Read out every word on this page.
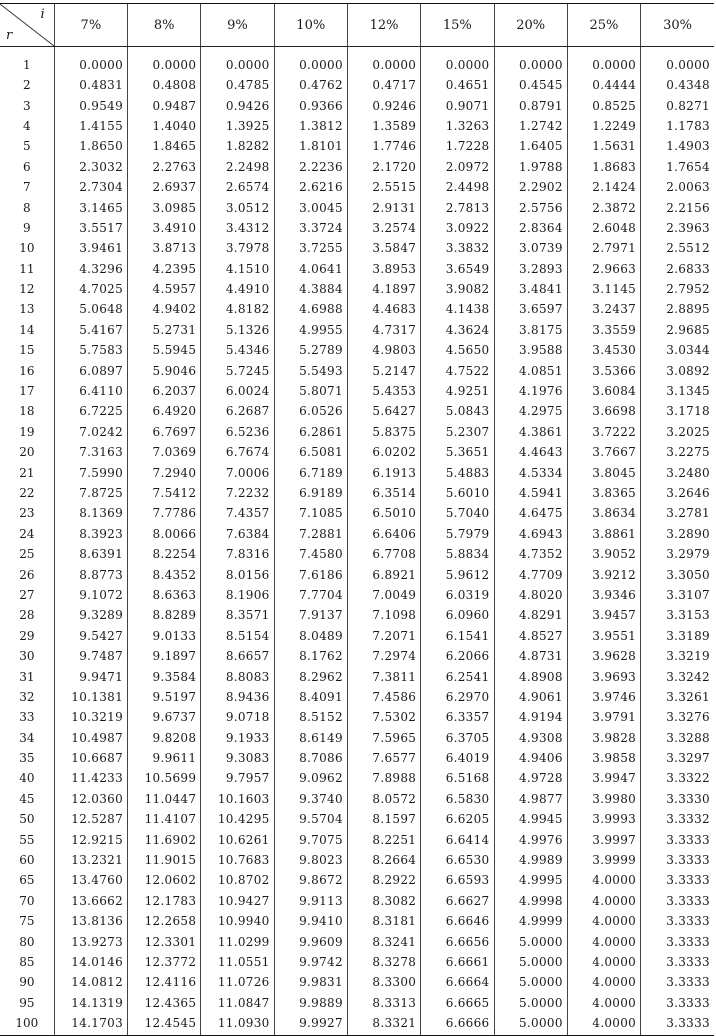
i
r	7%	8%	9%	10%	12%	15%	20%	25%	30%
1	0.0000	0.0000	0.0000	0.0000	0.0000	0.0000	0.0000	0.0000	0.0000
2	0.4831	0.4808	0.4785	0.4762	0.4717	0.4651	0.4545	0.4444	0.4348
3	0.9549	0.9487	0.9426	0.9366	0.9246	0.9071	0.8791	0.8525	0.8271
4	1.4155	1.4040	1.3925	1.3812	1.3589	1.3263	1.2742	1.2249	1.1783
5	1.8650	1.8465	1.8282	1.8101	1.7746	1.7228	1.6405	1.5631	1.4903
6	2.3032	2.2763	2.2498	2.2236	2.1720	2.0972	1.9788	1.8683	1.7654
7	2.7304	2.6937	2.6574	2.6216	2.5515	2.4498	2.2902	2.1424	2.0063
8	3.1465	3.0985	3.0512	3.0045	2.9131	2.7813	2.5756	2.3872	2.2156
9	3.5517	3.4910	3.4312	3.3724	3.2574	3.0922	2.8364	2.6048	2.3963
10	3.9461	3.8713	3.7978	3.7255	3.5847	3.3832	3.0739	2.7971	2.5512
11	4.3296	4.2395	4.1510	4.0641	3.8953	3.6549	3.2893	2.9663	2.6833
12	4.7025	4.5957	4.4910	4.3884	4.1897	3.9082	3.4841	3.1145	2.7952
13	5.0648	4.9402	4.8182	4.6988	4.4683	4.1438	3.6597	3.2437	2.8895
14	5.4167	5.2731	5.1326	4.9955	4.7317	4.3624	3.8175	3.3559	2.9685
15	5.7583	5.5945	5.4346	5.2789	4.9803	4.5650	3.9588	3.4530	3.0344
16	6.0897	5.9046	5.7245	5.5493	5.2147	4.7522	4.0851	3.5366	3.0892
17	6.4110	6.2037	6.0024	5.8071	5.4353	4.9251	4.1976	3.6084	3.1345
18	6.7225	6.4920	6.2687	6.0526	5.6427	5.0843	4.2975	3.6698	3.1718
19	7.0242	6.7697	6.5236	6.2861	5.8375	5.2307	4.3861	3.7222	3.2025
20	7.3163	7.0369	6.7674	6.5081	6.0202	5.3651	4.4643	3.7667	3.2275
21	7.5990	7.2940	7.0006	6.7189	6.1913	5.4883	4.5334	3.8045	3.2480
22	7.8725	7.5412	7.2232	6.9189	6.3514	5.6010	4.5941	3.8365	3.2646
23	8.1369	7.7786	7.4357	7.1085	6.5010	5.7040	4.6475	3.8634	3.2781
24	8.3923	8.0066	7.6384	7.2881	6.6406	5.7979	4.6943	3.8861	3.2890
25	8.6391	8.2254	7.8316	7.4580	6.7708	5.8834	4.7352	3.9052	3.2979
26	8.8773	8.4352	8.0156	7.6186	6.8921	5.9612	4.7709	3.9212	3.3050
27	9.1072	8.6363	8.1906	7.7704	7.0049	6.0319	4.8020	3.9346	3.3107
28	9.3289	8.8289	8.3571	7.9137	7.1098	6.0960	4.8291	3.9457	3.3153
29	9.5427	9.0133	8.5154	8.0489	7.2071	6.1541	4.8527	3.9551	3.3189
30	9.7487	9.1897	8.6657	8.1762	7.2974	6.2066	4.8731	3.9628	3.3219
31	9.9471	9.3584	8.8083	8.2962	7.3811	6.2541	4.8908	3.9693	3.3242
32	10.1381	9.5197	8.9436	8.4091	7.4586	6.2970	4.9061	3.9746	3.3261
33	10.3219	9.6737	9.0718	8.5152	7.5302	6.3357	4.9194	3.9791	3.3276
34	10.4987	9.8208	9.1933	8.6149	7.5965	6.3705	4.9308	3.9828	3.3288
35	10.6687	9.9611	9.3083	8.7086	7.6577	6.4019	4.9406	3.9858	3.3297
40	11.4233	10.5699	9.7957	9.0962	7.8988	6.5168	4.9728	3.9947	3.3322
45	12.0360	11.0447	10.1603	9.3740	8.0572	6.5830	4.9877	3.9980	3.3330
50	12.5287	11.4107	10.4295	9.5704	8.1597	6.6205	4.9945	3.9993	3.3332
55	12.9215	11.6902	10.6261	9.7075	8.2251	6.6414	4.9976	3.9997	3.3333
60	13.2321	11.9015	10.7683	9.8023	8.2664	6.6530	4.9989	3.9999	3.3333
65	13.4760	12.0602	10.8702	9.8672	8.2922	6.6593	4.9995	4.0000	3.3333
70	13.6662	12.1783	10.9427	9.9113	8.3082	6.6627	4.9998	4.0000	3.3333
75	13.8136	12.2658	10.9940	9.9410	8.3181	6.6646	4.9999	4.0000	3.3333
80	13.9273	12.3301	11.0299	9.9609	8.3241	6.6656	5.0000	4.0000	3.3333
85	14.0146	12.3772	11.0551	9.9742	8.3278	6.6661	5.0000	4.0000	3.3333
90	14.0812	12.4116	11.0726	9.9831	8.3300	6.6664	5.0000	4.0000	3.3333
95	14.1319	12.4365	11.0847	9.9889	8.3313	6.6665	5.0000	4.0000	3.3333
100	14.1703	12.4545	11.0930	9.9927	8.3321	6.6666	5.0000	4.0000	3.3333
